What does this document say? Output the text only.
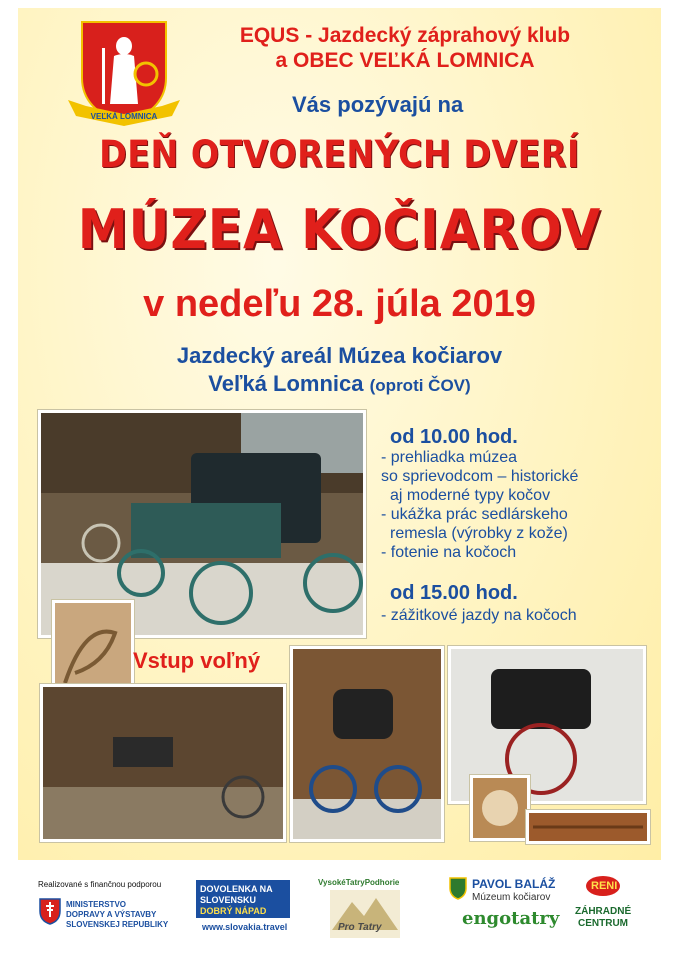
VEĽKÁ LOMNICA
EQUS - Jazdecký záprahový klub
a OBEC VEĽKÁ LOMNICA
Vás pozývajú na
DEŇ OTVORENÝCH DVERÍ
MÚZEA KOČIAROV
v nedeľu 28. júla 2019
Jazdecký areál Múzea kočiarov
Veľká Lomnica (oproti ČOV)
od 10.00 hod.
- prehliadka múzea
so sprievodcom – historické
aj moderné typy kočov
- ukážka prác sedlárskeho
remesla (výrobky z kože)
- fotenie na kočoch
od 15.00 hod.
- zážitkové jazdy na kočoch
Vstup voľný
Realizované s finančnou podporou
MINISTERSTVO
DOPRAVY A VÝSTAVBY
SLOVENSKEJ REPUBLIKY
DOVOLENKA NA
SLOVENSKU
DOBRÝ NÁPAD
www.slovakia.travel
VysokéTatryPodhorie
Pro Tatry
PAVOL BALÁŽ
Múzeum kočiarov
engotatry
RENI
ZÁHRADNÉ
CENTRUM
